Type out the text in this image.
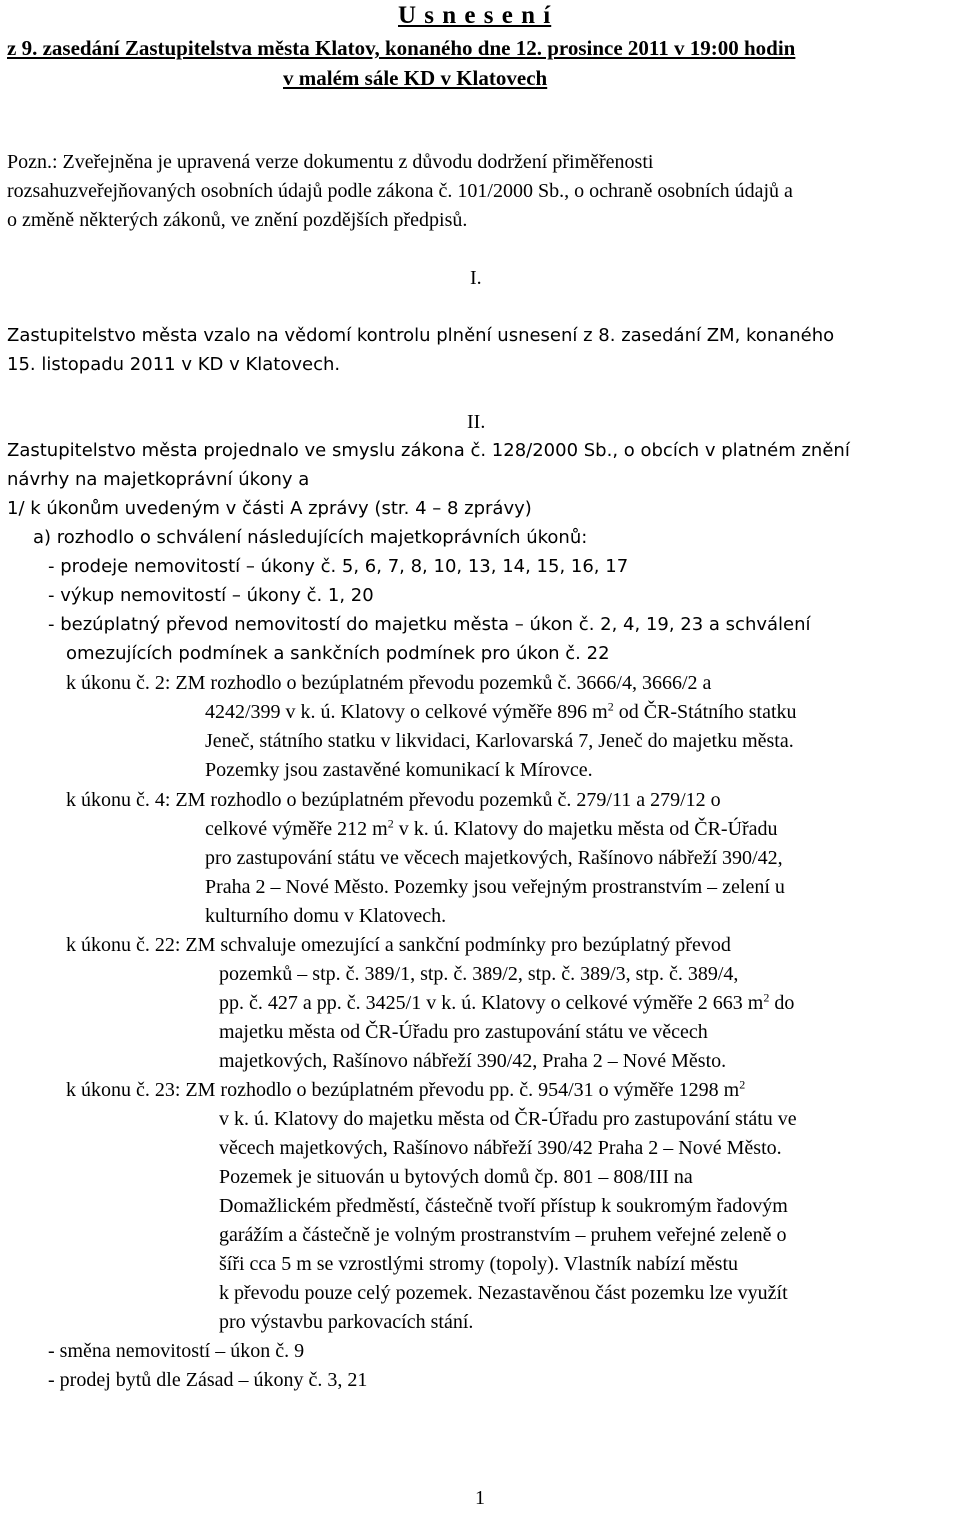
U s n e s e n í
z 9. zasedání Zastupitelstva města Klatov, konaného dne 12. prosince 2011 v 19:00 hodin
v malém sále KD v Klatovech
Pozn.: Zveřejněna je upravená verze dokumentu z důvodu dodržení přiměřenosti
rozsahuzveřejňovaných osobních údajů podle zákona č. 101/2000 Sb., o ochraně osobních údajů a
o změně některých zákonů, ve znění pozdějších předpisů.
I.
Zastupitelstvo města vzalo na vědomí kontrolu plnění usnesení z 8. zasedání ZM, konaného
15. listopadu 2011 v KD v Klatovech.
II.
Zastupitelstvo města projednalo ve smyslu zákona č. 128/2000 Sb., o obcích v platném znění
návrhy na majetkoprávní úkony a
1/ k úkonům uvedeným v části A zprávy (str. 4 – 8 zprávy)
a) rozhodlo o schválení následujících majetkoprávních úkonů:
- prodeje nemovitostí – úkony č. 5, 6, 7, 8, 10, 13, 14, 15, 16, 17
- výkup nemovitostí – úkony č. 1, 20
- bezúplatný převod nemovitostí do majetku města – úkon č. 2, 4, 19, 23 a schválení
omezujících podmínek a sankčních podmínek pro úkon č. 22
k úkonu č. 2: ZM rozhodlo o bezúplatném převodu pozemků č. 3666/4, 3666/2 a
4242/399 v k. ú. Klatovy o celkové výměře 896 $m^2$ od ČR-Státního statku
Jeneč, státního statku v likvidaci, Karlovarská 7, Jeneč do majetku města.
Pozemky jsou zastavěné komunikací k Mírovce.
k úkonu č. 4: ZM rozhodlo o bezúplatném převodu pozemků č. 279/11 a 279/12 o
celkové výměře 212 $m^2$ v k. ú. Klatovy do majetku města od ČR-Úřadu
pro zastupování státu ve věcech majetkových, Rašínovo nábřeží 390/42,
Praha 2 – Nové Město. Pozemky jsou veřejným prostranstvím – zelení u
kulturního domu v Klatovech.
k úkonu č. 22: ZM schvaluje omezující a sankční podmínky pro bezúplatný převod
pozemků – stp. č. 389/1, stp. č. 389/2, stp. č. 389/3, stp. č. 389/4,
pp. č. 427 a pp. č. 3425/1 v k. ú. Klatovy o celkové výměře 2 663 $m^2$ do
majetku města od ČR-Úřadu pro zastupování státu ve věcech
majetkových, Rašínovo nábřeží 390/42, Praha 2 – Nové Město.
k úkonu č. 23: ZM rozhodlo o bezúplatném převodu pp. č. 954/31 o výměře 1298 $m^2$
v k. ú. Klatovy do majetku města od ČR-Úřadu pro zastupování státu ve
věcech majetkových, Rašínovo nábřeží 390/42 Praha 2 – Nové Město.
Pozemek je situován u bytových domů čp. 801 – 808/III na
Domažlickém předměstí, částečně tvoří přístup k soukromým řadovým
garážím a částečně je volným prostranstvím – pruhem veřejné zeleně o
šíři cca 5 m se vzrostlými stromy (topoly). Vlastník nabízí městu
k převodu pouze celý pozemek. Nezastavěnou část pozemku lze využít
pro výstavbu parkovacích stání.
- směna nemovitostí – úkon č. 9
- prodej bytů dle Zásad – úkony č. 3, 21
1
